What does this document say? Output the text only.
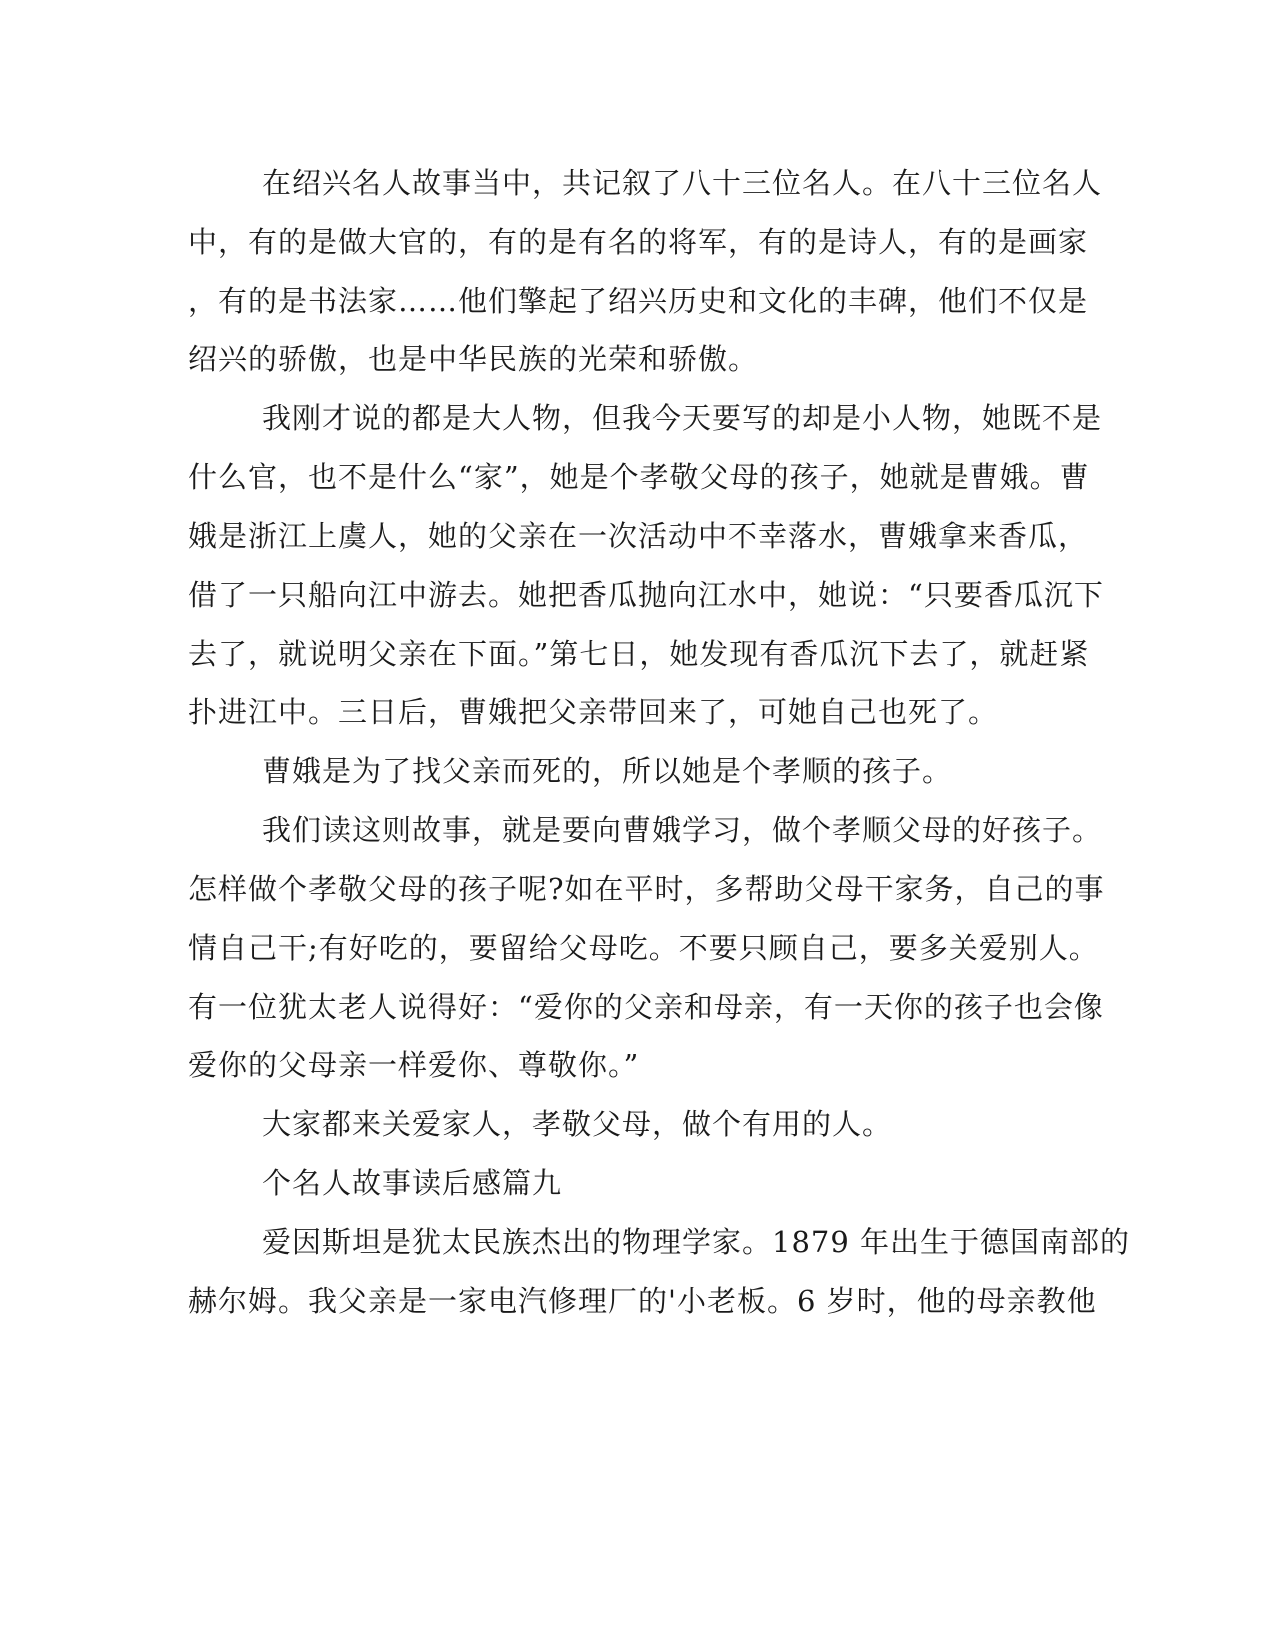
在绍兴名人故事当中，共记叙了八十三位名人。在八十三位名人
中，有的是做大官的，有的是有名的将军，有的是诗人，有的是画家
，有的是书法家……他们擎起了绍兴历史和文化的丰碑，他们不仅是
绍兴的骄傲，也是中华民族的光荣和骄傲。
我刚才说的都是大人物，但我今天要写的却是小人物，她既不是
什么官，也不是什么“家”，她是个孝敬父母的孩子，她就是曹娥。曹
娥是浙江上虞人，她的父亲在一次活动中不幸落水，曹娥拿来香瓜，
借了一只船向江中游去。她把香瓜抛向江水中，她说：“只要香瓜沉下
去了，就说明父亲在下面。”第七日，她发现有香瓜沉下去了，就赶紧
扑进江中。三日后，曹娥把父亲带回来了，可她自己也死了。
曹娥是为了找父亲而死的，所以她是个孝顺的孩子。
我们读这则故事，就是要向曹娥学习，做个孝顺父母的好孩子。
怎样做个孝敬父母的孩子呢?如在平时，多帮助父母干家务，自己的事
情自己干;有好吃的，要留给父母吃。不要只顾自己，要多关爱别人。
有一位犹太老人说得好：“爱你的父亲和母亲，有一天你的孩子也会像
爱你的父母亲一样爱你、尊敬你。”
大家都来关爱家人，孝敬父母，做个有用的人。
个名人故事读后感篇九
爱因斯坦是犹太民族杰出的物理学家。1879 年出生于德国南部的
赫尔姆。我父亲是一家电汽修理厂的'小老板。6 岁时，他的母亲教他
